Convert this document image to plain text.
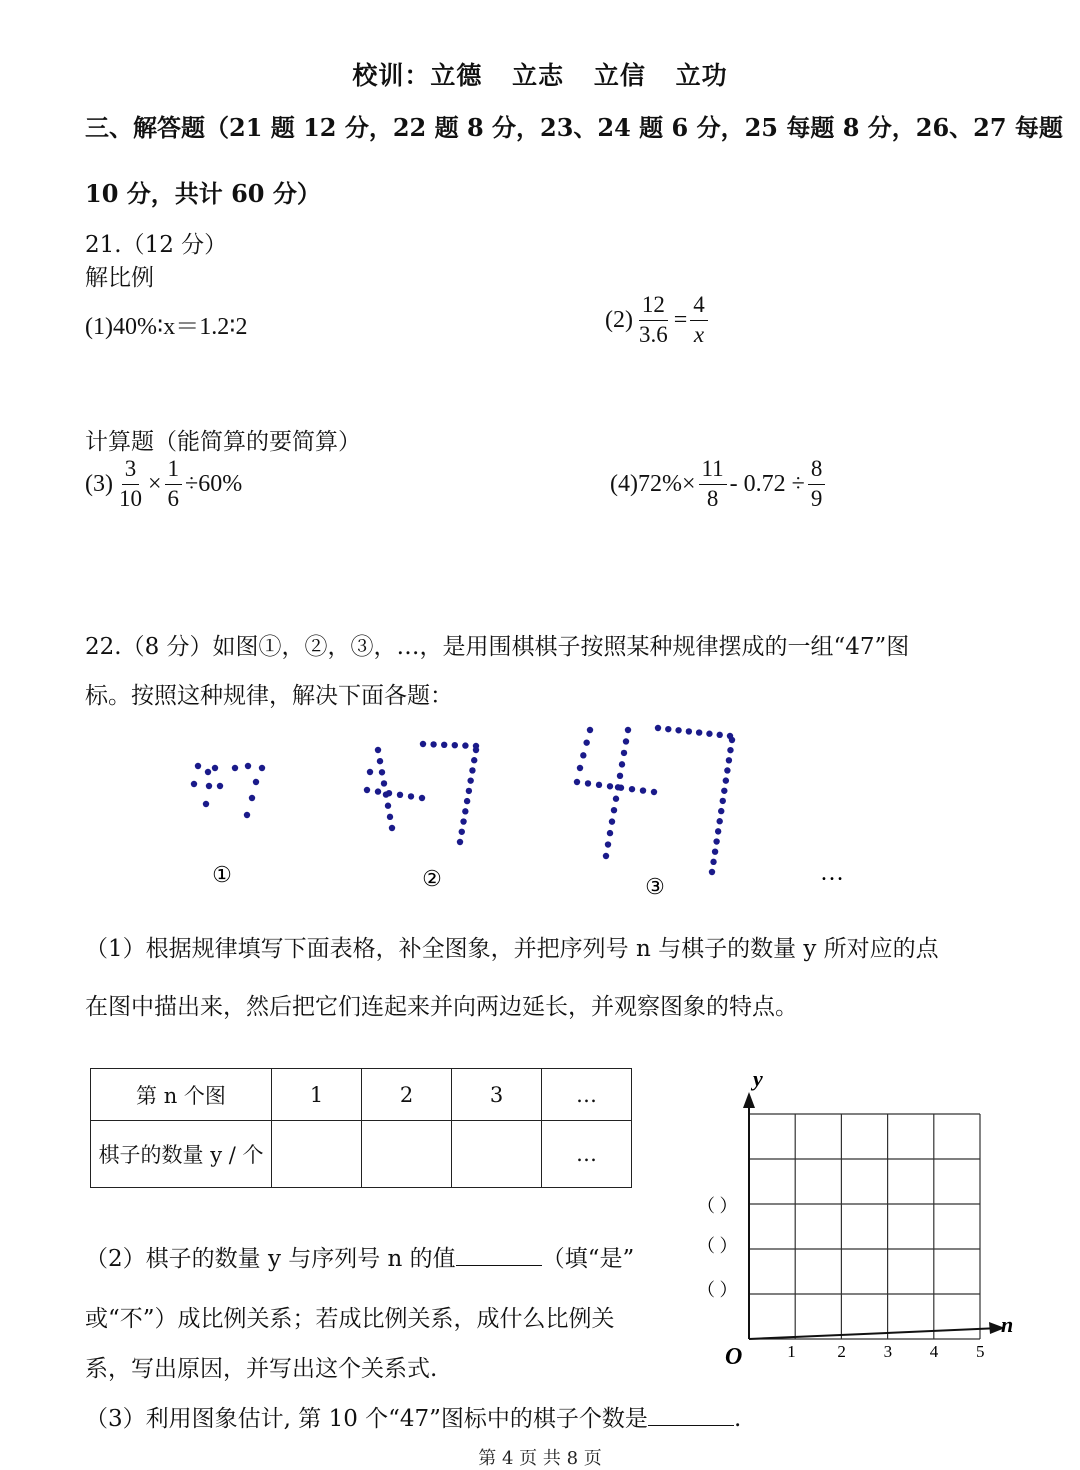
校训：立德 立志 立信 立功
三、解答题（21 题 12 分，22 题 8 分，23、24 题 6 分，25 每题 8 分，26、27 每题
10 分，共计 60 分）
21.（12 分）
解比例
(1)40%∶x＝1.2∶2	$(2) \frac{12}{3.6} = \frac{4}{x}$
计算题（能简算的要简算）
$(3) \frac{3}{10} \times \frac{1}{6} \div 60\%$	$(4)72\%\times \frac{11}{8} - 0.72 \div \frac{8}{9}$
22.（8 分）如图①，②，③，…，是用围棋棋子按照某种规律摆成的一组“47”图
标。按照这种规律，解决下面各题：
①	②	③
…
（1）根据规律填写下面表格，补全图象，并把序列号 n 与棋子的数量 y 所对应的点
在图中描出来，然后把它们连起来并向两边延长，并观察图象的特点。
第 n 个图	1	2	3	…
棋子的数量 y / 个				…
（2）棋子的数量 y 与序列号 n 的值	（填“是”
或“不”）成比例关系；若成比例关系，成什么比例关
系，写出原因，并写出这个关系式.
（3）利用图象估计, 第 10 个“47”图标中的棋子个数是	.
y
n
O	1 2 3 4 5
（ ）
（ ）
（ ）
第 4 页 共 8 页
